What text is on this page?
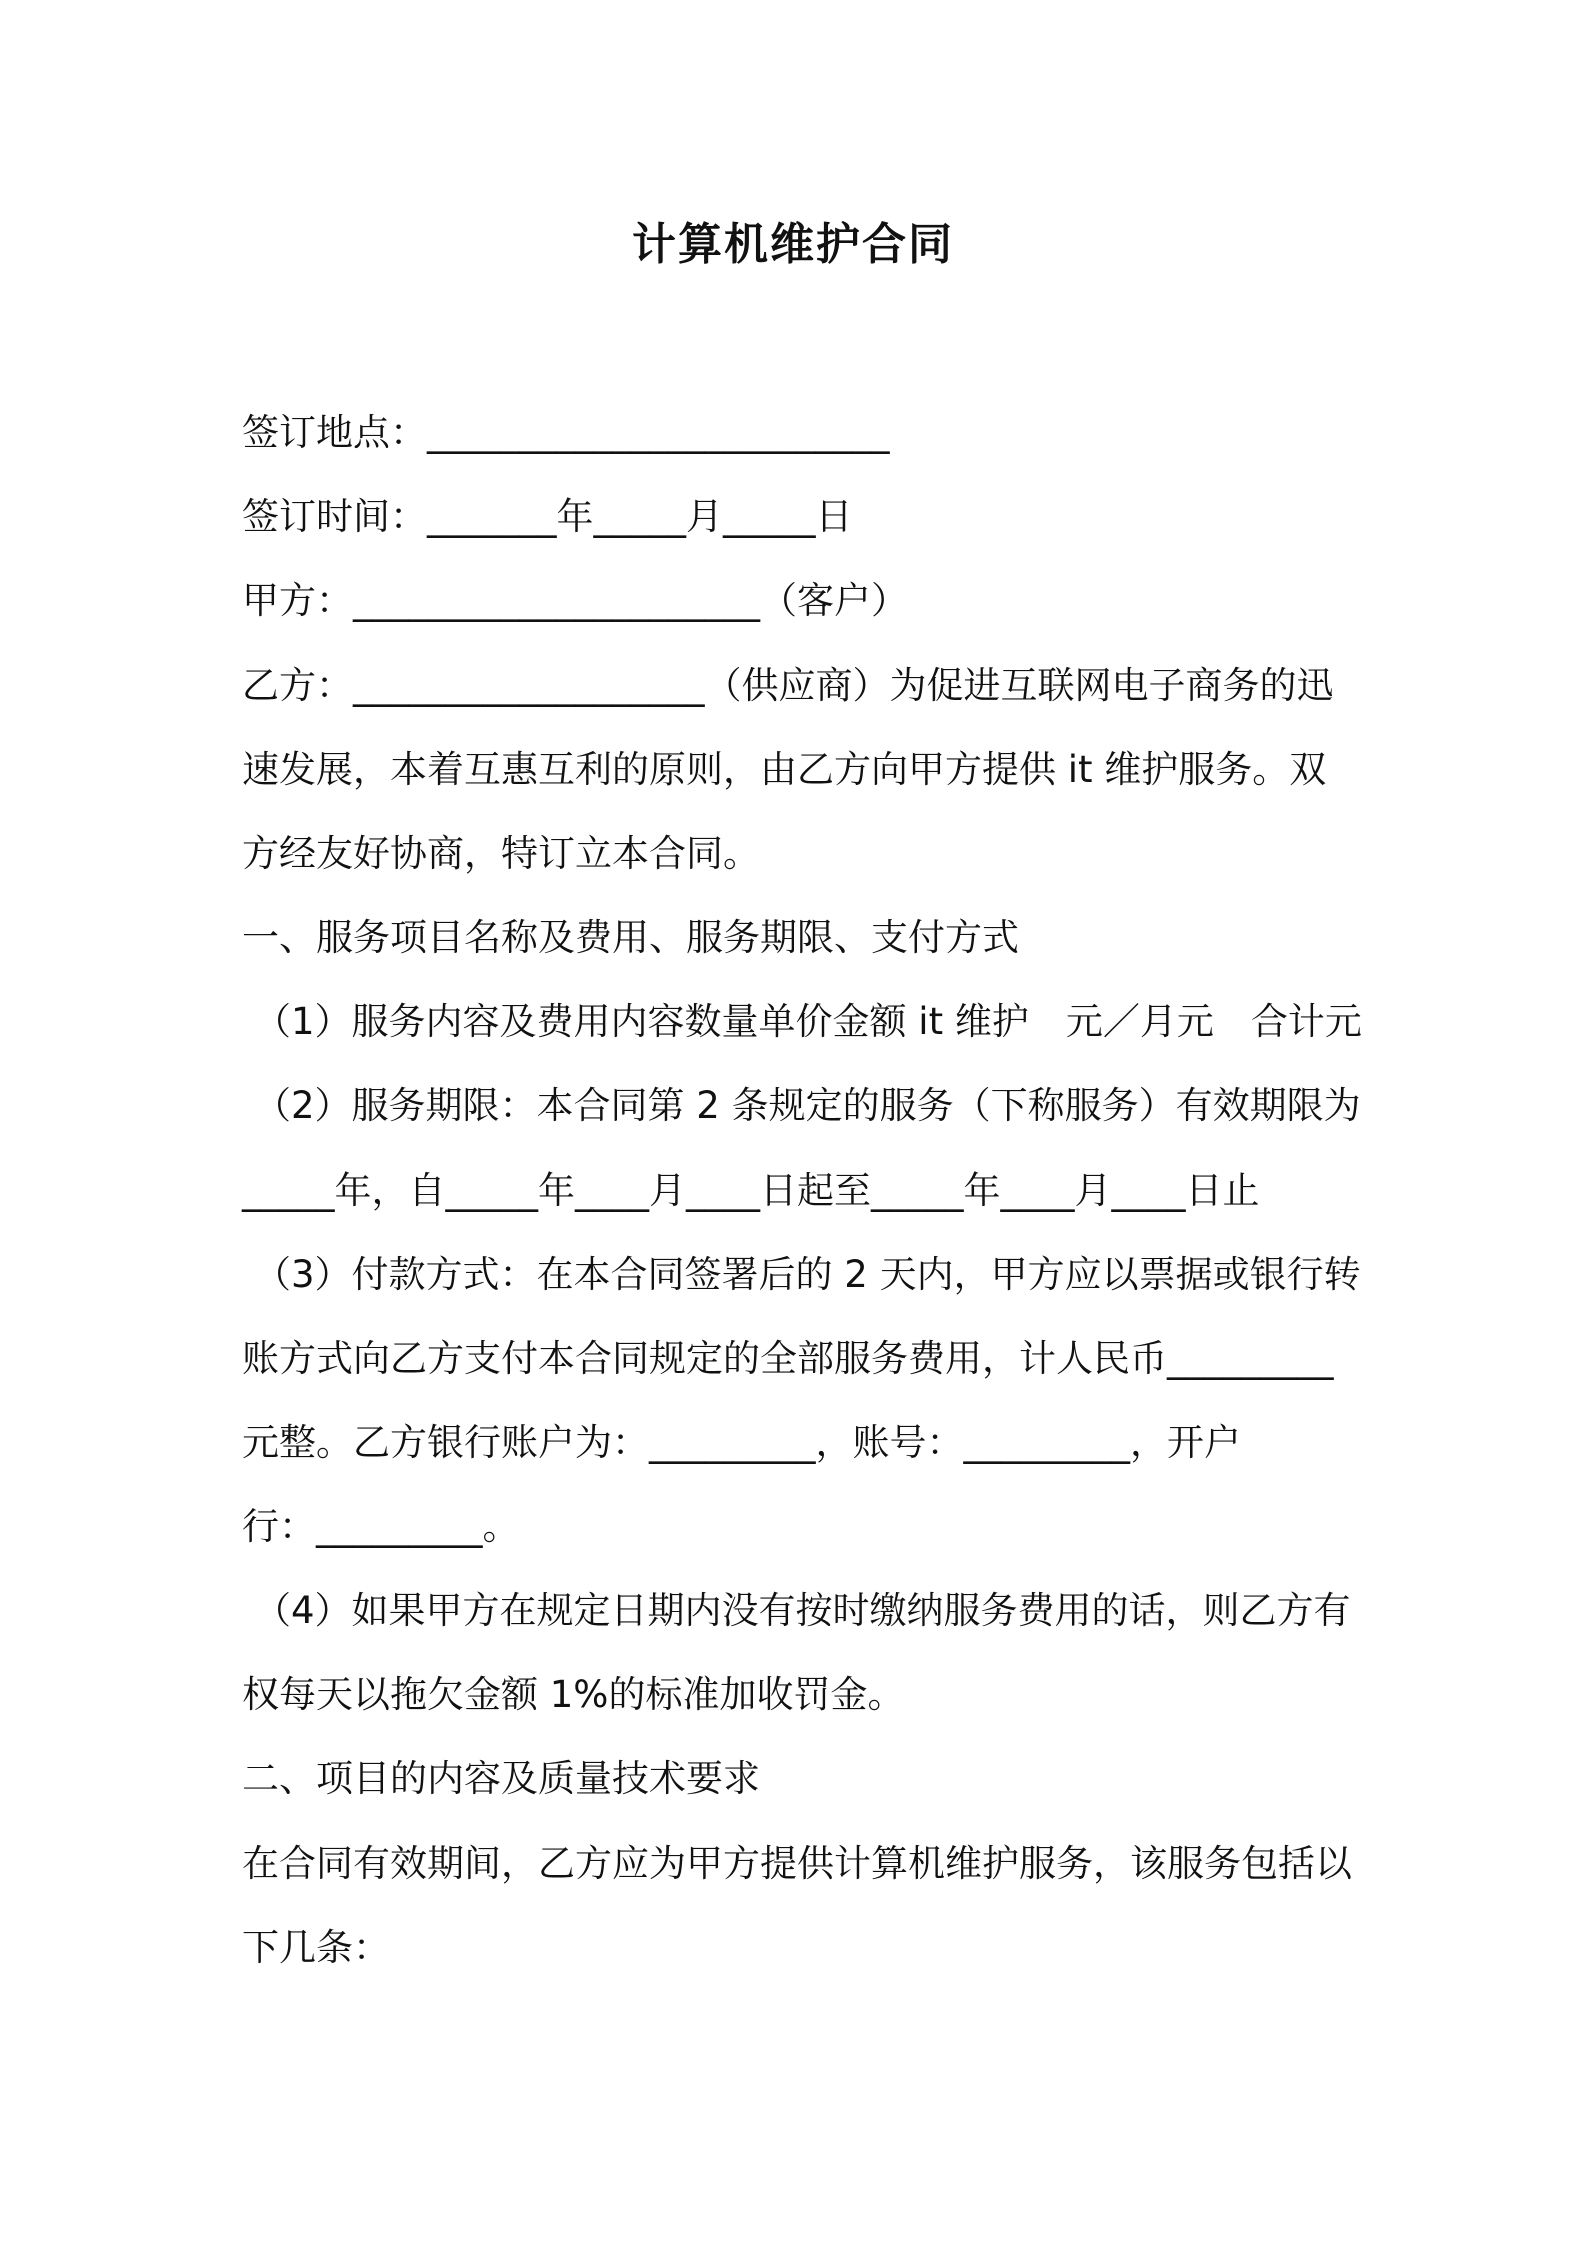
计算机维护合同
签订地点：_________________________
签订时间：_______年_____月_____日
甲方：______________________（客户）
乙方：___________________（供应商）为促进互联网电子商务的迅
速发展，本着互惠互利的原则，由乙方向甲方提供 it 维护服务。双
方经友好协商，特订立本合同。
一、服务项目名称及费用、服务期限、支付方式
（1）服务内容及费用内容数量单价金额 it 维护　元／月元　合计元
（2）服务期限：本合同第 2 条规定的服务（下称服务）有效期限为
_____年，自_____年____月____日起至_____年____月____日止
（3）付款方式：在本合同签署后的 2 天内，甲方应以票据或银行转
账方式向乙方支付本合同规定的全部服务费用，计人民币_________
元整。乙方银行账户为：_________，账号：_________，开户
行：_________。
（4）如果甲方在规定日期内没有按时缴纳服务费用的话，则乙方有
权每天以拖欠金额 1%的标准加收罚金。
二、项目的内容及质量技术要求
在合同有效期间，乙方应为甲方提供计算机维护服务，该服务包括以
下几条：
